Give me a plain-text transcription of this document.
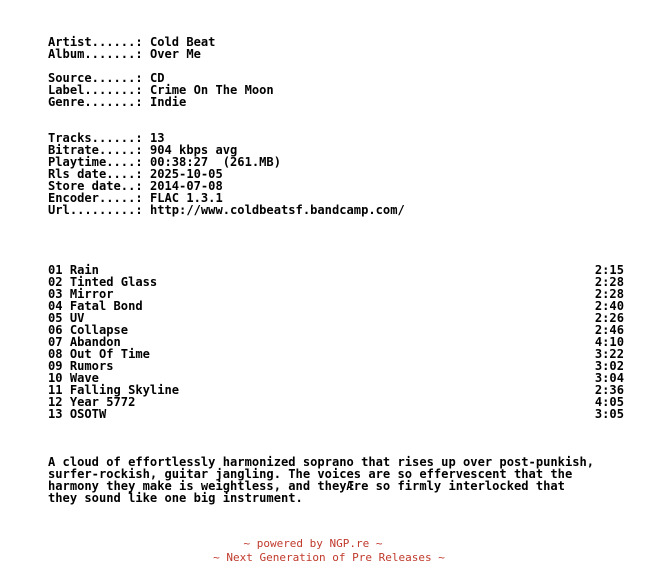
Artist......: Cold Beat
Album.......: Over Me
Source......: CD
Label.......: Crime On The Moon
Genre.......: Indie
Tracks......: 13
Bitrate.....: 904 kbps avg
Playtime....: 00:38:27  (261.MB)
Rls date....: 2025-10-05
Store date..: 2014-07-08
Encoder.....: FLAC 1.3.1
Url.........: http://www.coldbeatsf.bandcamp.com/
01 Rain	2:15
02 Tinted Glass	2:28
03 Mirror	2:28
04 Fatal Bond	2:40
05 UV	2:26
06 Collapse	2:46
07 Abandon	4:10
08 Out Of Time	3:22
09 Rumors	3:02
10 Wave	3:04
11 Falling Skyline	2:36
12 Year 5772	4:05
13 OSOTW	3:05
A cloud of effortlessly harmonized soprano that rises up over post-punkish,
surfer-rockish, guitar jangling. The voices are so effervescent that the
harmony they make is weightless, and theyÆre so firmly interlocked that
they sound like one big instrument.
~ powered by NGP.re ~
~ Next Generation of Pre Releases ~
